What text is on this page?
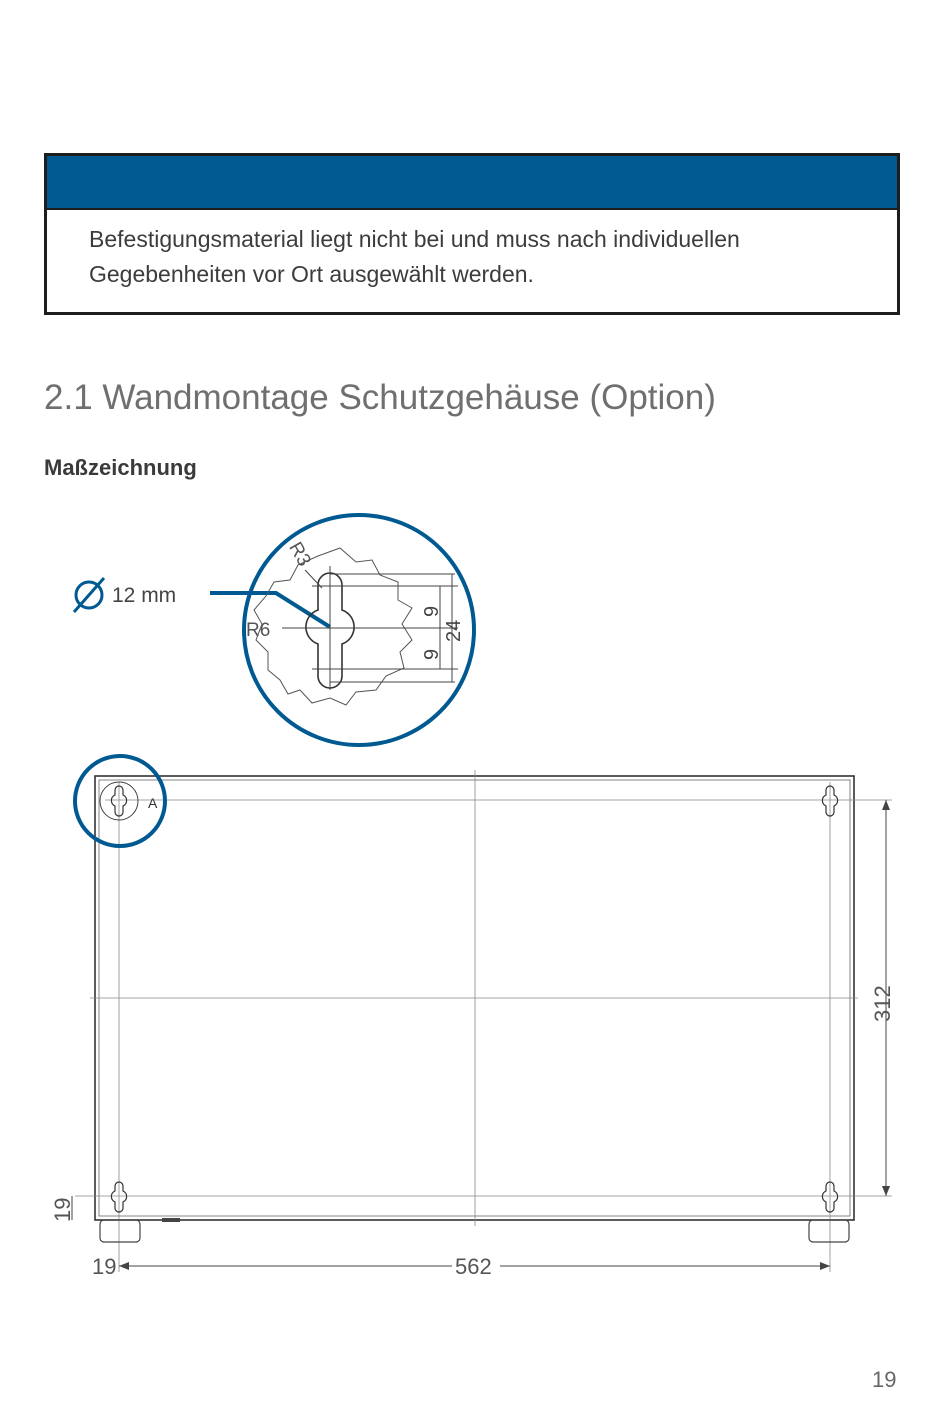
Befestigungsmaterial liegt nicht bei und muss nach individuellen
Gegebenheiten vor Ort ausgewählt werden.

2.1 Wandmontage Schutzgehäuse (Option)
Maßzeichnung
12 mm
R3
R6
9
9
24
A
312
19
19	562
19
